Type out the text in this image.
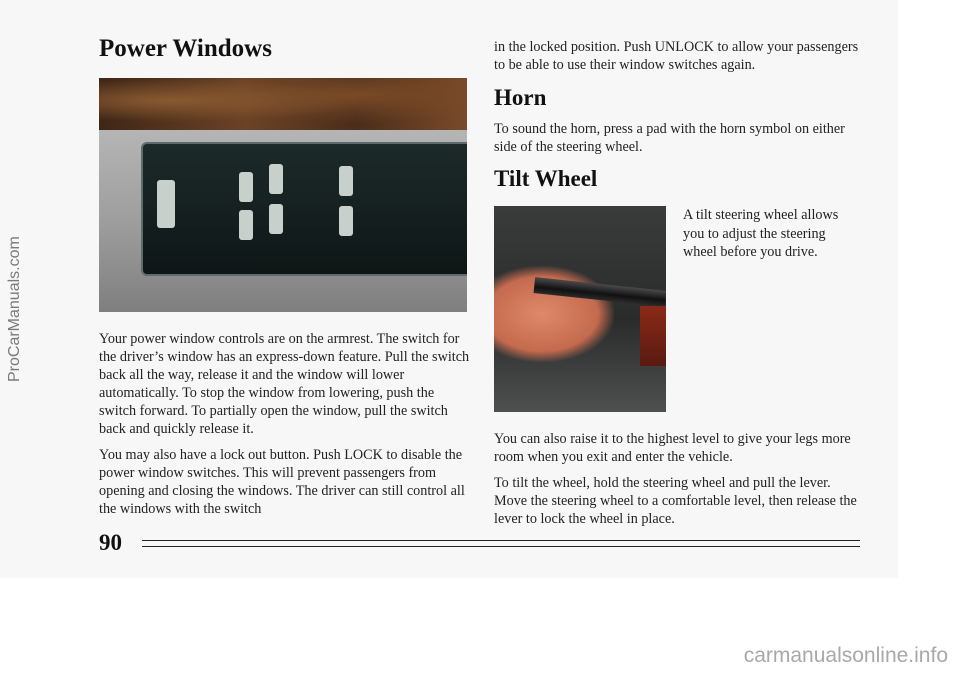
Power Windows

Your power window controls are on the armrest. The switch for the driver’s window has an express-down feature. Pull the switch back all the way, release it and the window will lower automatically. To stop the window from lowering, push the switch forward. To partially open the window, pull the switch back and quickly release it.

You may also have a lock out button. Push LOCK to disable the power window switches. This will prevent passengers from opening and closing the windows. The driver can still control all the windows with the switch

in the locked position. Push UNLOCK to allow your passengers to be able to use their window switches again.

Horn

To sound the horn, press a pad with the horn symbol on either side of the steering wheel.

Tilt Wheel

A tilt steering wheel allows you to adjust the steering wheel before you drive.

You can also raise it to the highest level to give your legs more room when you exit and enter the vehicle.

To tilt the wheel, hold the steering wheel and pull the lever. Move the steering wheel to a comfortable level, then release the lever to lock the wheel in place.

90
ProCarManuals.com
carmanualsonline.info
